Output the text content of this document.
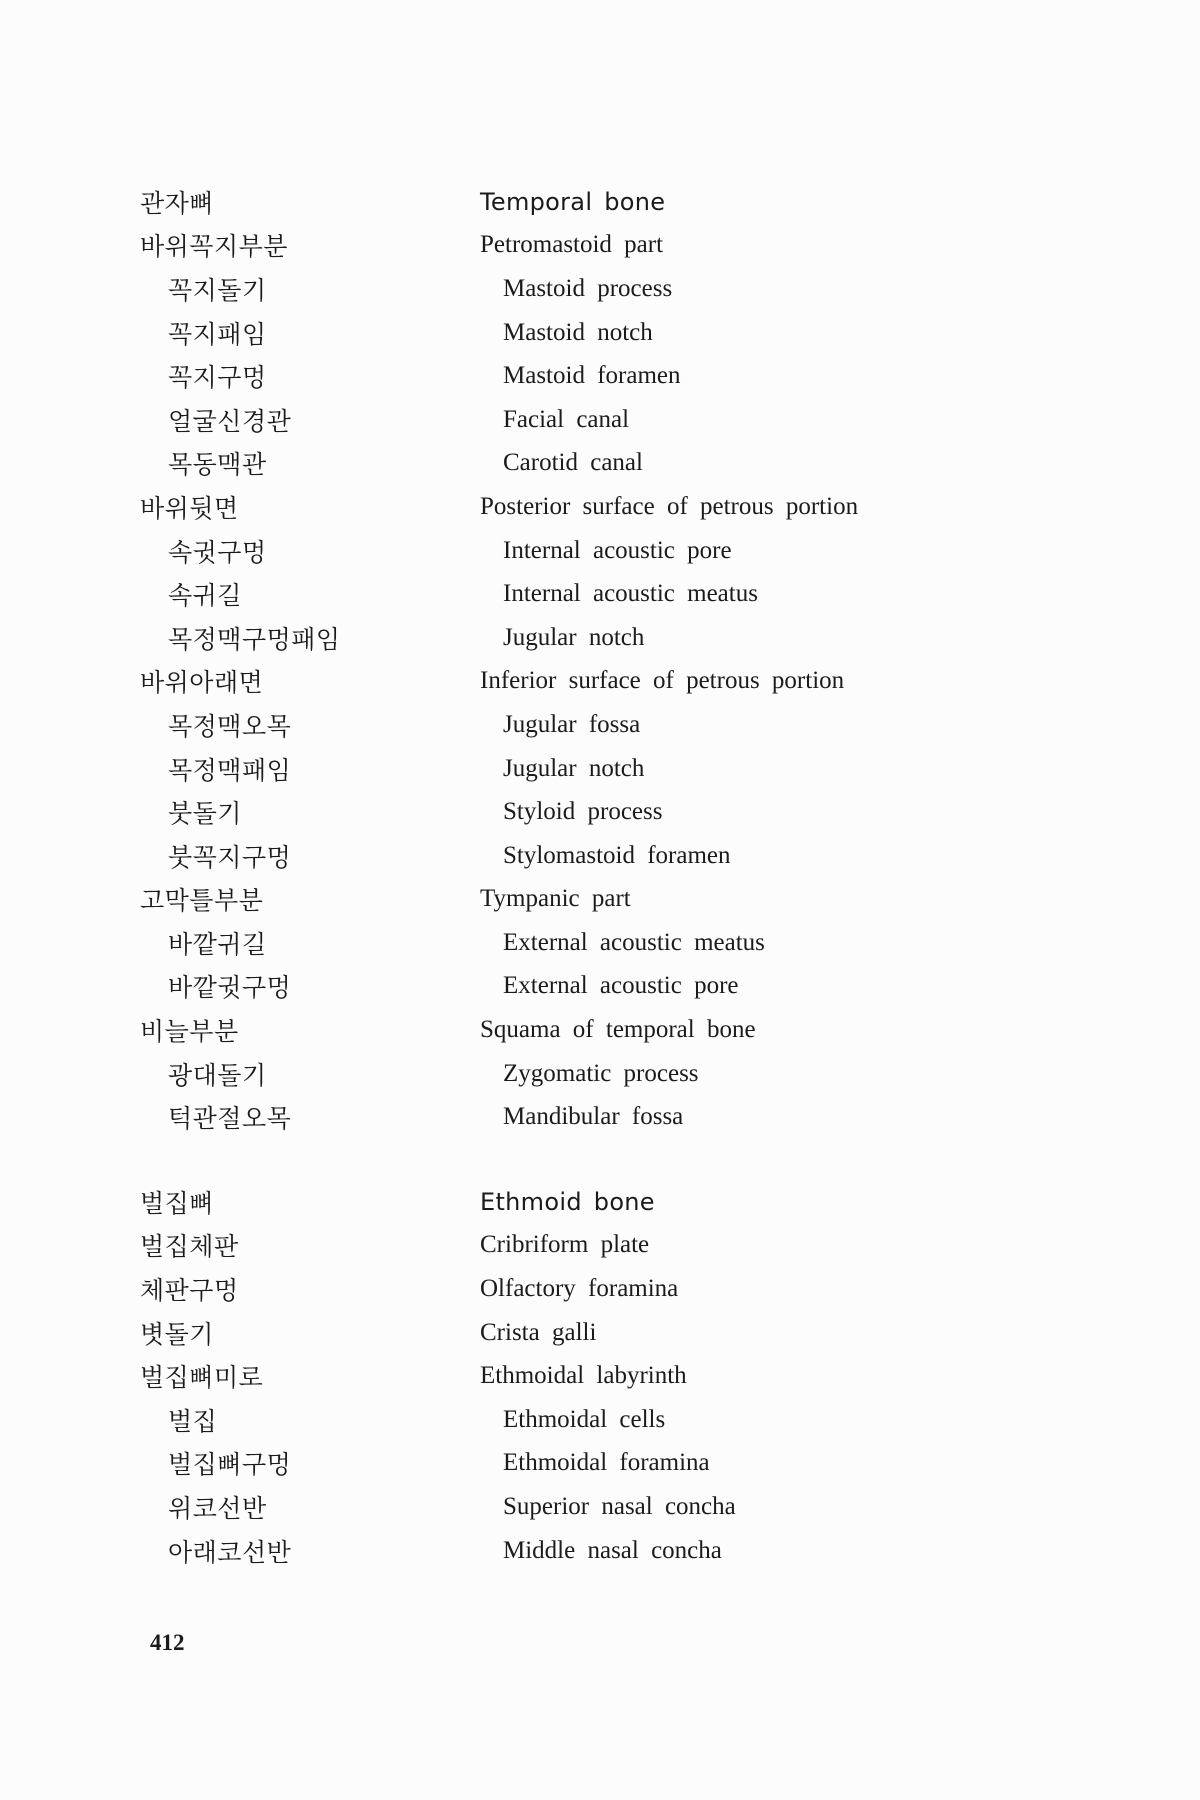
관자뼈	Temporal bone
바위꼭지부분	Petromastoid part
꼭지돌기	Mastoid process
꼭지패임	Mastoid notch
꼭지구멍	Mastoid foramen
얼굴신경관	Facial canal
목동맥관	Carotid canal
바위뒷면	Posterior surface of petrous portion
속귓구멍	Internal acoustic pore
속귀길	Internal acoustic meatus
목정맥구멍패임	Jugular notch
바위아래면	Inferior surface of petrous portion
목정맥오목	Jugular fossa
목정맥패임	Jugular notch
붓돌기	Styloid process
붓꼭지구멍	Stylomastoid foramen
고막틀부분	Tympanic part
바깥귀길	External acoustic meatus
바깥귓구멍	External acoustic pore
비늘부분	Squama of temporal bone
광대돌기	Zygomatic process
턱관절오목	Mandibular fossa
벌집뼈	Ethmoid bone
벌집체판	Cribriform plate
체판구멍	Olfactory foramina
볏돌기	Crista galli
벌집뼈미로	Ethmoidal labyrinth
벌집	Ethmoidal cells
벌집뼈구멍	Ethmoidal foramina
위코선반	Superior nasal concha
아래코선반	Middle nasal concha
412
